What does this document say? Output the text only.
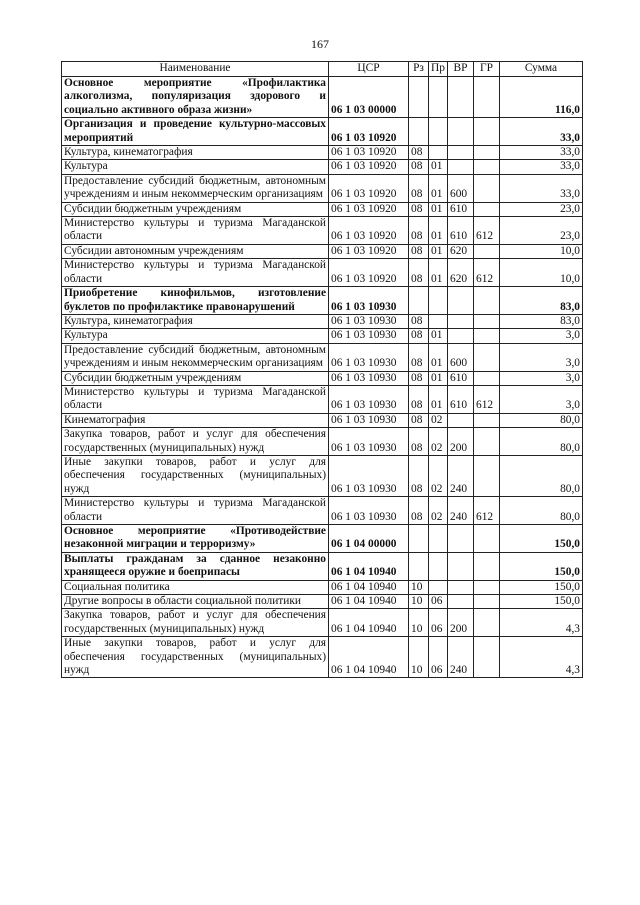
167
Наименование	ЦСР	Рз	Пр	ВР	ГР	Сумма
Основное мероприятие «Профилактика алкоголизма, популяризация здорового и социально активного образа жизни»	06 1 03 00000					116,0
Организация и проведение культурно-массовых мероприятий	06 1 03 10920					33,0
Культура, кинематография	06 1 03 10920	08				33,0
Культура	06 1 03 10920	08	01			33,0
Предоставление субсидий бюджетным, автономным учреждениям и иным некоммерческим организациям	06 1 03 10920	08	01	600		33,0
Субсидии бюджетным учреждениям	06 1 03 10920	08	01	610		23,0
Министерство культуры и туризма Магаданской области	06 1 03 10920	08	01	610	612	23,0
Субсидии автономным учреждениям	06 1 03 10920	08	01	620		10,0
Министерство культуры и туризма Магаданской области	06 1 03 10920	08	01	620	612	10,0
Приобретение кинофильмов, изготовление буклетов по профилактике правонарушений	06 1 03 10930					83,0
Культура, кинематография	06 1 03 10930	08				83,0
Культура	06 1 03 10930	08	01			3,0
Предоставление субсидий бюджетным, автономным учреждениям и иным некоммерческим организациям	06 1 03 10930	08	01	600		3,0
Субсидии бюджетным учреждениям	06 1 03 10930	08	01	610		3,0
Министерство культуры и туризма Магаданской области	06 1 03 10930	08	01	610	612	3,0
Кинематография	06 1 03 10930	08	02			80,0
Закупка товаров, работ и услуг для обеспечения государственных (муниципальных) нужд	06 1 03 10930	08	02	200		80,0
Иные закупки товаров, работ и услуг для обеспечения государственных (муниципальных) нужд	06 1 03 10930	08	02	240		80,0
Министерство культуры и туризма Магаданской области	06 1 03 10930	08	02	240	612	80,0
Основное мероприятие «Противодействие незаконной миграции и терроризму»	06 1 04 00000					150,0
Выплаты гражданам за сданное незаконно хранящееся оружие и боеприпасы	06 1 04 10940					150,0
Социальная политика	06 1 04 10940	10				150,0
Другие вопросы в области социальной политики	06 1 04 10940	10	06			150,0
Закупка товаров, работ и услуг для обеспечения государственных (муниципальных) нужд	06 1 04 10940	10	06	200		4,3
Иные закупки товаров, работ и услуг для обеспечения государственных (муниципальных) нужд	06 1 04 10940	10	06	240		4,3
